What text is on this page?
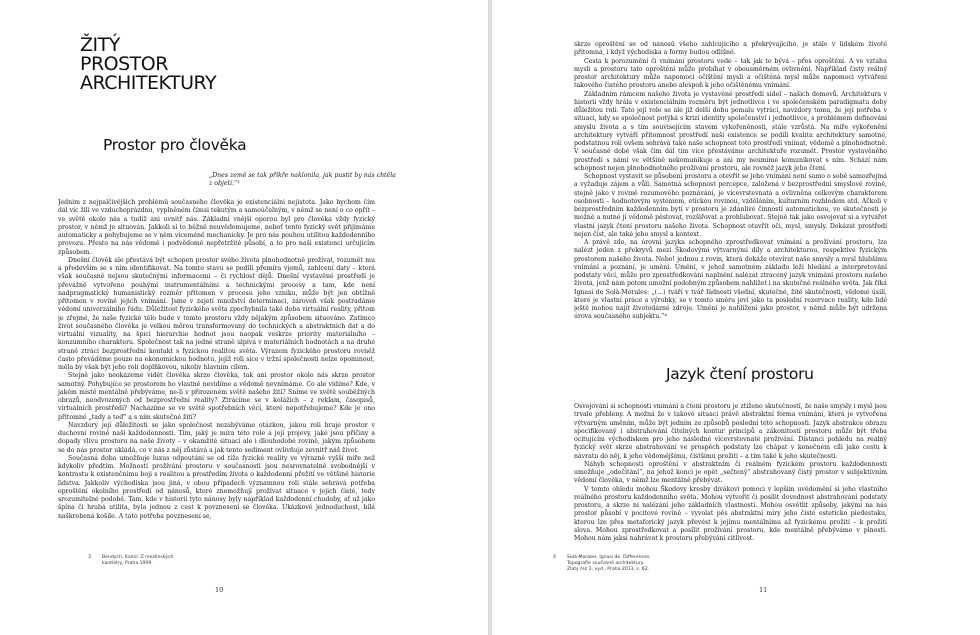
ŽITÝ
PROSTOR
ARCHITEKTURY
Prostor pro člověka
„Dnes země se tak příkře naklonila, jak pustit by nás chtěla z objetí.“³

Jedním z nejpalčivějších problémů současného člověka je existenciální nejistota. Jako bychom čím dál víc žili ve vzduchoprázdnu, vyplněném čímsi tekutým a samoúčelným, v němž se není o co opřít – ve světě okolo nás a tudíž ani uvnitř nás. Základní vnější oporou byl pro člověka vždy fyzický prostor, v němž je situován. Jakkoli si to běžně neuvědomujeme, neboť tento fyzický svět přijímáme automaticky a pohybujeme se v něm víceméně mechanicky. Je pro nás pouhou utilitou každodenního provozu. Přesto na nás vědomě i podvědomě nepřetržitě působí, a to pro naši existenci určujícím způsobem.

Dnešní člověk ale přestává být schopen prostor svého života plnohodnotně prožívat, rozumět mu a především se s ním identifikovat. Na tomto stavu se podílí přemíra vjemů, zahlcení daty – která však současně nejsou skutečnými informacemi – či rychlost dějů. Dnešní vystavěné prostředí je převážně vytvořeno pouhými instrumentálními a technickými procesy a tam, kde není nadpragmatický humanistický rozměr přítomen v procesu jeho vzniku, může být jen obtížně přítomen v rovině jejich vnímání. Jsme v zajetí množství determinací, zároveň však postrádáme vědomí univerzálního řádu. Důležitost fyzického světa zpochybnila také doba virtuální reality, přitom je zřejmé, že naše fyzické tělo bude v tomto prostoru vždy nějakým způsobem situováno. Zatímco život současného člověka je velkou měrou transformovaný do technických a abstraktních dat a do virtuální vizuality, na špici hierarchie hodnot jsou naopak veskrze priority materiálního – konzumního charakteru. Společnost tak na jedné straně ulpívá v materiálních hodnotách a na druhé straně ztrácí bezprostřední kontakt s fyzickou realitou světa. Výrazem fyzického prostoru rovněž často převáděme pouze na ekonomickou hodnotu, jejíž roli sice v tržní společnosti nelze opominout, měla by však být jeho rolí doplňkovou, nikoliv hlavním cílem.

Stejně jako neokázeme vidět člověka skrze člověka, tak ani prostor okolo nás skrze prostor samotný. Pohybujíce se prostorem ho vlastně nevidíme a vědomě nevnímáme. Co ale vidíme? Kde, v jakém místě mentálně přebýváme, ne-li v přirozeném světě našeho žití? Sníme ve světě souběžných obrazů, neodvozených od bezprostřední reality? Ztrácíme se v kolážích – z reklam, časopisů, virtuálních prostředí? Nacházíme se ve světě spotřebních věcí, které nepotřebujeme? Kde je ono přítomné „tady a teď“ a s ním skutečné žití?

Navzdory její důležitosti se jako společnost nezabýváme otázkou, jakou roli hraje prostor v duchovní rovině naší každodennosti. Tím, jaký je míra této role a její projevy, jaké jsou příčiny a dopady vlivu prostoru na naše životy – v okamžité situaci ale i dlouhodobé rovině, jakým způsobem se do nás prostor ukládá, co v nás z něj zůstává a jak tento sediment ovlivňuje zevnitř náš život.

Současná doba umožňuje luxus odpoutání se od tíže fyzické reality ve výrazně vyšší míře než kdykoliv předtím. Možnosti prožívání prostoru v současnosti jsou nesrovnatelně svobodnější v kontrastu k existenčnímu boji s realitou a prostředím života o každodenní přežití ve většině historie lidstva. Jakkoliv východiska jsou jiná, v obou případech významnou roli stále sehrává potřeba oproštění okolního prostředí od nánosů, které znemožňují prožívat situace v jejich čisté, tedy srozumitelné podobě. Tam, kde v historii tyto nánosy byly například každodenní chudoby, ať už jako špína či hrubá utilita, byla jednou z cest k povznesení se člověka. Ukázkové jednoduchost, bílá naškrobená košile. A tato potřeba povznesení se,

3 Bendych, Kamil. Z mezlinských kantiléry, Praha 1909.
10

skrze oproštění se od nánosů všeho zahlcujícího a překrývajícího, je stále v lidském životě přítomná, i když východiska a formy budou odlišné.

Cesta k porozumění či vnímání prostoru vede – tak jak to bývá – přes oproštění. A ve vztahu mysli a prostoru tato oproštění může probíhat v obousměrném ovlivnění. Například čistý reálný prostor architektury může napomoci očištění mysli a očištěná mysl může napomoci vytváření takového čistého prostoru anebo alespoň k jeho očištěnému vnímání.

Základním rámcem našeho života je vystavěné prostředí sídel – našich domovů. Architektura v historii vždy hrála v existenciálním rozměru být jednotlivce i ve společenském paradigmatu doby důležitou roli. Tato její role se ale již delší dobu pomalu vytrácí, navzdory tomu, že její potřeba v situaci, kdy se společnost potýká s krizí identity společenství i jednotlivce, s problémem definování smyslu života a s tím souvisejícím stavem vykořeněnosti, stále vzrůstá. Na míře vykořenění architektury vytváří přítomnost prostředí naší existence se podílí kvalita architektury samotné, podstatnou roli ovšem sehrává také naše schopnost toto prostředí vnímat, vědomě a plnohodnotně. V současné době však čím dál tím více přestáváme architektuře rozumět. Prostor vystavěného prostředí s námi ve většině nekomunikuje a ani my neumíme komunikovat s ním. Schází nám schopnost nejen plnohodnotného prožívání prostoru, ale rovněž jazyk jeho čtení.

Schopnost vystavit se působení prostoru a otevřít se jeho vnímání není samo o sobě samozřejmá a vyžaduje zájem a vůli. Samotná schopnost percepce, založená v bezprostřední smyslové rovině, stejně jako v rovině rozumového poznávání, je vícevrstevnatá a ovlivněna celkovým charakterem osobnosti – hodnotovým systémem, etickou rovinou, vzděláním, kulturním rozhledem atd. Ačkoli v bezprostředním každodenním bytí v prostoru je zdánlivé činností automatickou, ve skutečnosti je možné a nutné ji vědomě pěstovat, rozšiřovat a prohlubovat. Stejně tak jako osvojovat si a vytvářet vlastní jazyk čtení prostoru našeho života. Schopnost otevřít oči, mysl, smysly. Dokázat prostředí nejen číst, ale také jeho smysl a kontext.

A právě zde, na úrovni jazyka schopného zprostředkovat vnímání a prožívání prostoru, lze nalézt jeden z překryvů mezi Škodovými výtvarnými díly a architekturou, respektive fyzickým prostorem našeho života. Nebo! jednou z rovin, která dokáže otevírat naše smysly a mysl hlubšímu vnímání a poznání, je umění. Umění, v jehož samotném základu leží hledání a interpretování podstaty věcí, může pro zprostředkování naplnění nalézat ztracený jazyk vnímání prostoru našeho života, jenž nám potom umožní podobným způsobem nahlížet i na skutečné reálného světa. Jak říká Ignasi de Solà-Morales: „(…) tváří v tvář fádnosti všední, skutečné, žité skutečnosti, vědomé úsilí, které je vlastní práce a výrobky, se v tomto směru jeví jako ta poslední rezervace reality, kde lidé ještě mohou najít životodárné zdroje. Umění je nahlížení jako prostor, v němž může být udržena úrova současného subjektu.“⁴

Jazyk čtení prostoru

Osvojování si schopnosti vnímání a čtení prostoru je ztíženo skutečností, že naše smysly i mysl jsou trvale přebleny. A možná že v takové situaci právě abstraktní forma vnímání, která je vytvořena výtvarným uměním, může být jedním ze způsobů poslední této schopnosti. Jazyk abstrakce obrazu specifikovaný i abstrahování čitelných kontur principů a zákonitostí prostoru může být třeba ocitujícím východiskem pro jeho následné vícevrstevnaté prožívání. Distanci pohledu na reálný fyzický svět skrze abstrahování ve prospěch podstaty lze chápat v konečném cíli jako cestu k návratu do něj, k jeho vědomějšímu, čistšímu prožití – a tím také k jeho skutečnosti.

Náhyb schopnosti oproštění v abstraktním či reálném fyzickém prostoru každodennosti umožňuje „odečítání“, na jehož konci je opět „sečtený“ abstrahovaný čistý prostor v subjektivním vědomí člověka, v němž lze mentálně přebývat.

V tomto ohledu mohou Škodovy kresby divákovi pomoci v lepším uvědomění si jeho vlastního reálného prostoru každodenního světa. Mohou vytvořit či posílit dovednost abstrahování podstaty prostoru, a skrze ni nalézání jeho základních vlastností. Mohou osvětlit způsoby, jakými na nás prostor působí v pocitové rovině – vyvolat pěs abstraktní míry jeho čisté esteticko piedestaku, kterou lze přes metaforický jazyk převést k jejímu mentálnímu až fyzickému prožití – k prožití slova. Mohou zprostředkovat a posílit prožívání prostoru, kde mentálně přebýváme v plnosti. Mohou nám jaksi nahrávat k prostoru přebývání citlivost.

4 Solà-Morales, Ignasi de. Differences. Topografie současné architektury. Zlatý řez 2, vyd., Praha 2013, s. 62.
11
